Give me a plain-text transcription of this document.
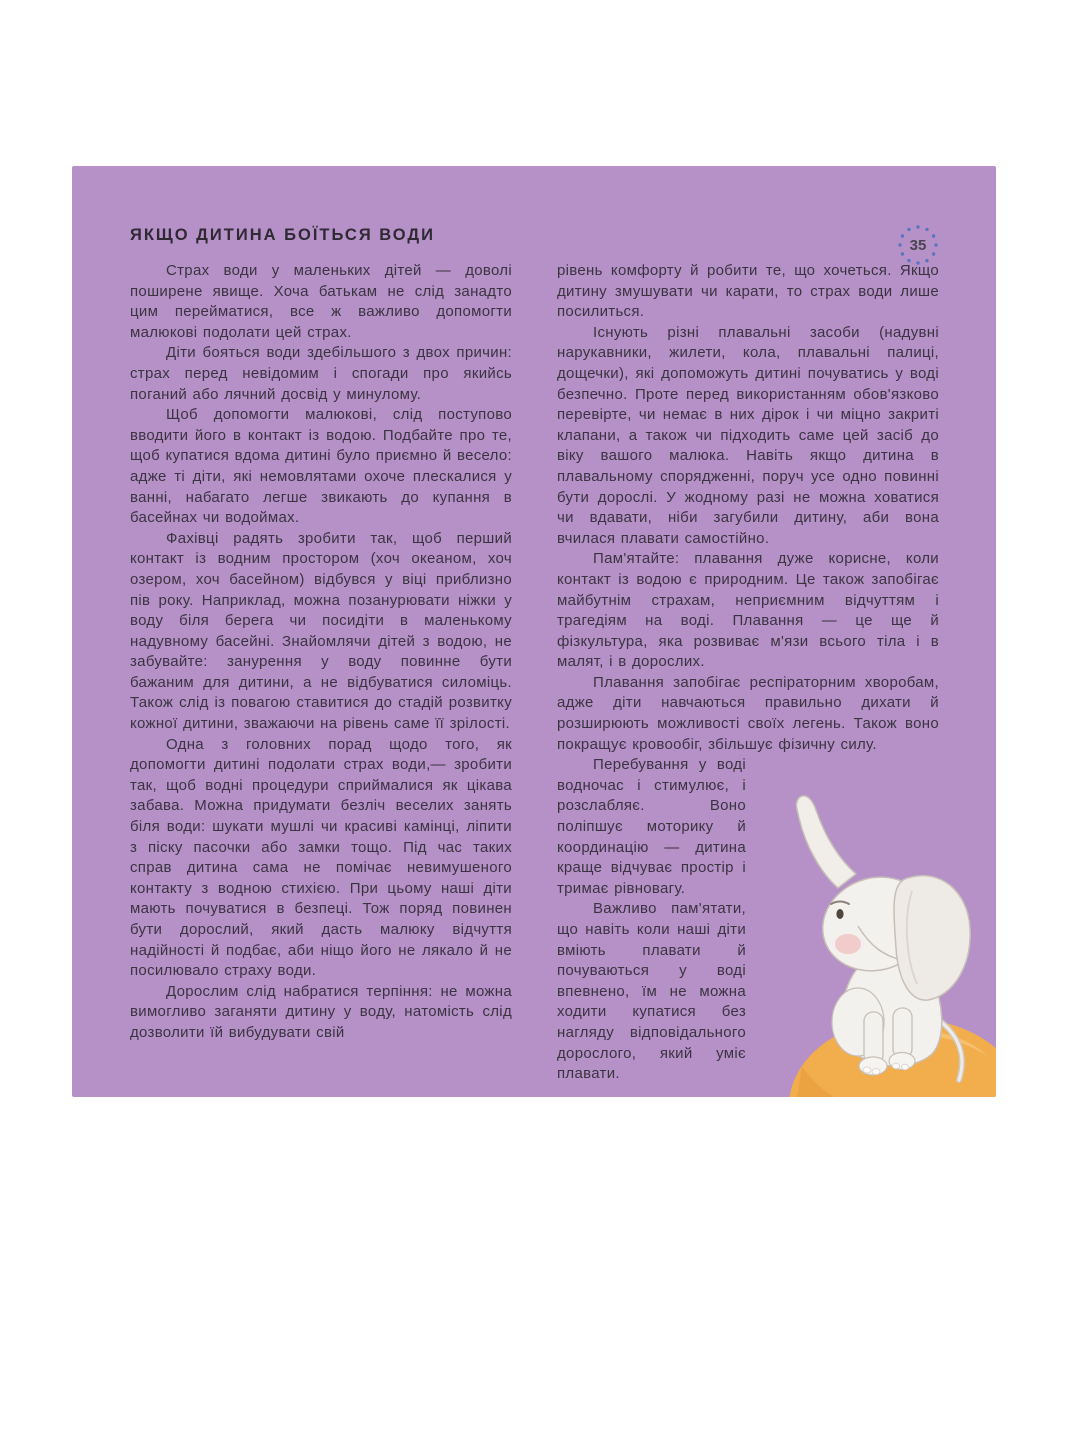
ЯКЩО ДИТИНА БОЇТЬСЯ ВОДИ
35

Страх води у маленьких дітей — доволі поширене явище. Хоча батькам не слід занадто цим перейматися, все ж важливо допомогти малюкові подолати цей страх.

Діти бояться води здебільшого з двох причин: страх перед невідомим і спогади про якийсь поганий або лячний досвід у минулому.

Щоб допомогти малюкові, слід поступово вводити його в контакт із водою. Подбайте про те, щоб купатися вдома дитині було приємно й весело: адже ті діти, які немовлятами охоче плескалися у ванні, набагато легше звикають до купання в басейнах чи водоймах.

Фахівці радять зробити так, щоб перший контакт із водним простором (хоч океаном, хоч озером, хоч басейном) відбувся у віці приблизно пів року. Наприклад, можна позанурювати ніжки у воду біля берега чи посидіти в маленькому надувному басейні. Знайомлячи дітей з водою, не забувайте: занурення у воду повинне бути бажаним для дитини, а не відбуватися силоміць. Також слід із повагою ставитися до стадій розвитку кожної дитини, зважаючи на рівень саме її зрілості.

Одна з головних порад щодо того, як допомогти дитині подолати страх води,— зробити так, щоб водні процедури сприймалися як цікава забава. Можна придумати безліч веселих занять біля води: шукати мушлі чи красиві камінці, ліпити з піску пасочки або замки тощо. Під час таких справ дитина сама не помічає невимушеного контакту з водною стихією. При цьому наші діти мають почуватися в безпеці. Тож поряд повинен бути дорослий, який дасть малюку відчуття надійності й подбає, аби ніщо його не лякало й не посилювало страху води.

Дорослим слід набратися терпіння: не можна вимогливо заганяти дитину у воду, натомість слід дозволити їй вибудувати свій

рівень комфорту й робити те, що хочеться. Якщо дитину змушувати чи карати, то страх води лише посилиться.

Існують різні плавальні засоби (надувні нарукавники, жилети, кола, плавальні палиці, дощечки), які допоможуть дитині почуватись у воді безпечно. Проте перед використанням обов'язково перевірте, чи немає в них дірок і чи міцно закриті клапани, а також чи підходить саме цей засіб до віку вашого малюка. Навіть якщо дитина в плавальному спорядженні, поруч усе одно повинні бути дорослі. У жодному разі не можна ховатися чи вдавати, ніби загубили дитину, аби вона вчилася плавати самостійно.

Пам'ятайте: плавання дуже корисне, коли контакт із водою є природним. Це також запобігає майбутнім страхам, неприємним відчуттям і трагедіям на воді. Плавання — це ще й фізкультура, яка розвиває м'язи всього тіла і в малят, і в дорослих.

Плавання запобігає респіраторним хворобам, адже діти навчаються правильно дихати й розширюють можливості своїх легень. Також воно покращує кровообіг, збільшує фізичну силу.

Перебування у воді водночас і стимулює, і розслабляє. Воно поліпшує моторику й координацію — дитина краще відчуває простір і тримає рівновагу.

Важливо пам'ятати, що навіть коли наші діти вміють плавати й почуваються у воді впевнено, їм не можна ходити купатися без нагляду відповідального дорослого, який уміє плавати.
